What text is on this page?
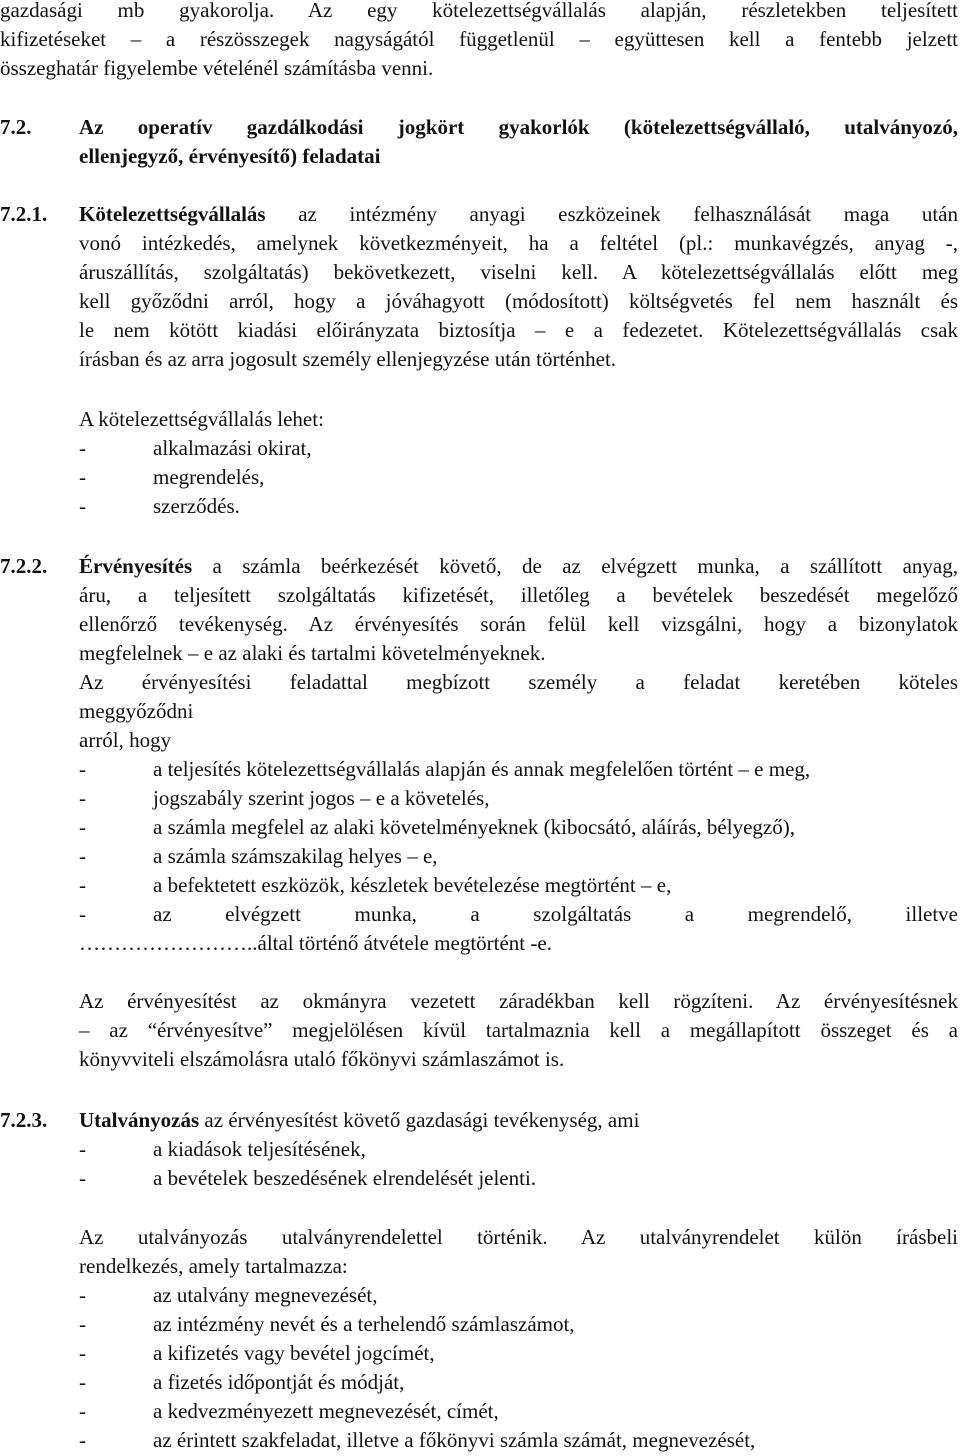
gazdasági mb gyakorolja. Az egy kötelezettségvállalás alapján, részletekben teljesített
kifizetéseket – a részösszegek nagyságától függetlenül – együttesen kell a fentebb jelzett
összeghatár figyelembe vételénél számításba venni.
7.2. Az operatív gazdálkodási jogkört gyakorlók (kötelezettségvállaló, utalványozó,
ellenjegyző, érvényesítő) feladatai
7.2.1. Kötelezettségvállalás az intézmény anyagi eszközeinek felhasználását maga után
vonó intézkedés, amelynek következményeit, ha a feltétel (pl.: munkavégzés, anyag -,
áruszállítás, szolgáltatás) bekövetkezett, viselni kell. A kötelezettségvállalás előtt meg
kell győződni arról, hogy a jóváhagyott (módosított) költségvetés fel nem használt és
le nem kötött kiadási előirányzata biztosítja – e a fedezetet. Kötelezettségvállalás csak
írásban és az arra jogosult személy ellenjegyzése után történhet.
A kötelezettségvállalás lehet:
-	alkalmazási okirat,
-	megrendelés,
-	szerződés.
7.2.2. Érvényesítés a számla beérkezését követő, de az elvégzett munka, a szállított anyag,
áru, a teljesített szolgáltatás kifizetését, illetőleg a bevételek beszedését megelőző
ellenőrző tevékenység. Az érvényesítés során felül kell vizsgálni, hogy a bizonylatok
megfelelnek – e az alaki és tartalmi követelményeknek.
Az érvényesítési feladattal megbízott személy a feladat keretében köteles
meggyőződni
arról, hogy
-	a teljesítés kötelezettségvállalás alapján és annak megfelelően történt – e meg,
-	jogszabály szerint jogos – e a követelés,
-	a számla megfelel az alaki követelményeknek (kibocsátó, aláírás, bélyegző),
-	a számla számszakilag helyes – e,
-	a befektetett eszközök, készletek bevételezése megtörtént – e,
-	az elvégzett munka, a szolgáltatás a megrendelő, illetve
……………………..által történő átvétele megtörtént -e.
Az érvényesítést az okmányra vezetett záradékban kell rögzíteni. Az érvényesítésnek
– az “érvényesítve” megjelölésen kívül tartalmaznia kell a megállapított összeget és a
könyvviteli elszámolásra utaló főkönyvi számlaszámot is.
7.2.3. Utalványozás az érvényesítést követő gazdasági tevékenység, ami
-	a kiadások teljesítésének,
-	a bevételek beszedésének elrendelését jelenti.
Az utalványozás utalványrendelettel történik. Az utalványrendelet külön írásbeli
rendelkezés, amely tartalmazza:
-	az utalvány megnevezését,
-	az intézmény nevét és a terhelendő számlaszámot,
-	a kifizetés vagy bevétel jogcímét,
-	a fizetés időpontját és módját,
-	a kedvezményezett megnevezését, címét,
-	az érintett szakfeladat, illetve a főkönyvi számla számát, megnevezését,
